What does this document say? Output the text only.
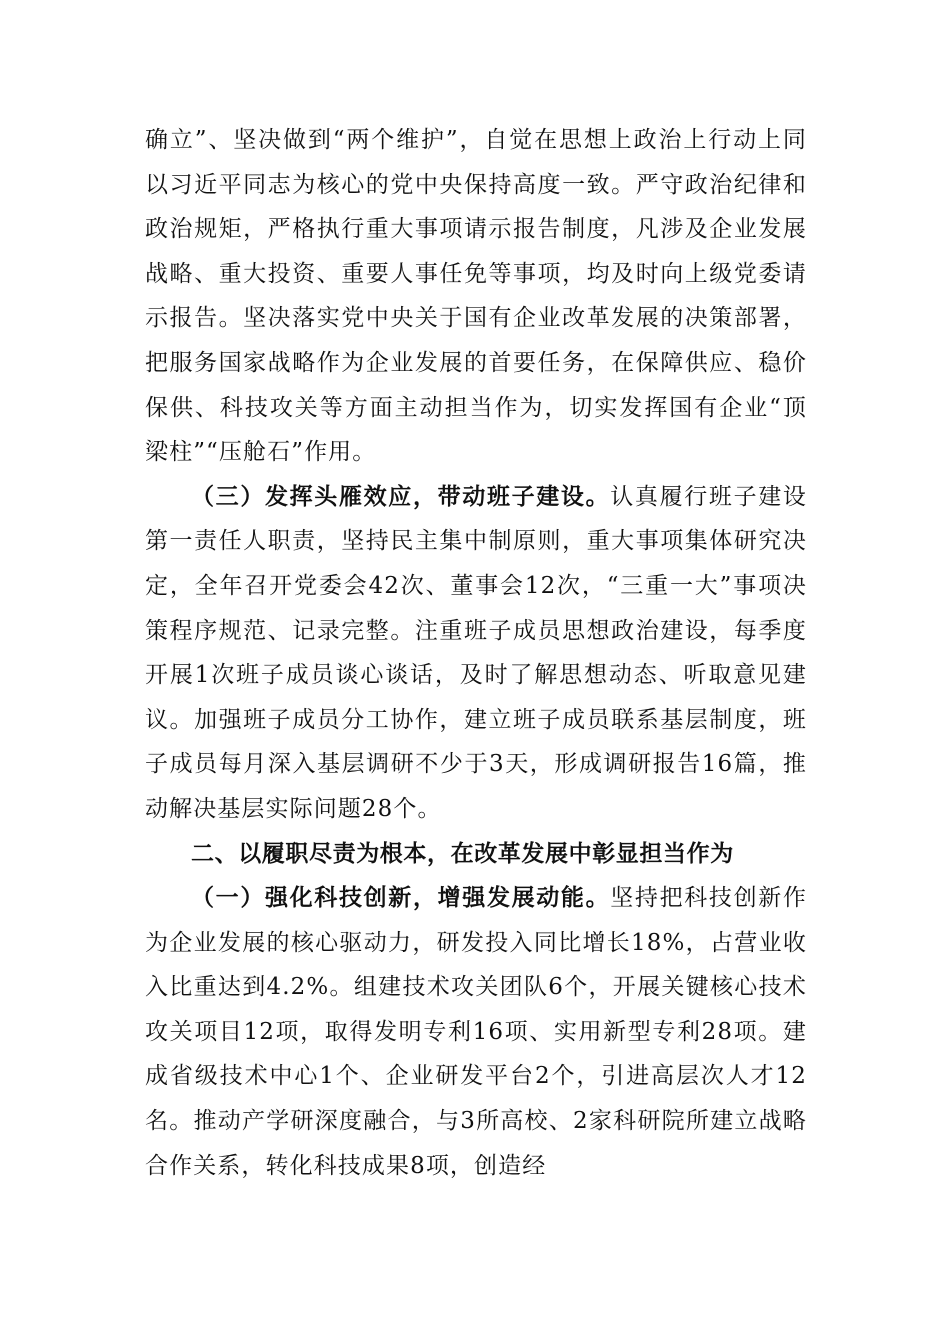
确立”、坚决做到“两个维护”，自觉在思想上政治上行动上同以习近平同志为核心的党中央保持高度一致。严守政治纪律和政治规矩，严格执行重大事项请示报告制度，凡涉及企业发展战略、重大投资、重要人事任免等事项，均及时向上级党委请示报告。坚决落实党中央关于国有企业改革发展的决策部署，把服务国家战略作为企业发展的首要任务，在保障供应、稳价保供、科技攻关等方面主动担当作为，切实发挥国有企业“顶梁柱”“压舱石”作用。

（三）发挥头雁效应，带动班子建设。认真履行班子建设第一责任人职责，坚持民主集中制原则，重大事项集体研究决定，全年召开党委会42次、董事会12次，“三重一大”事项决策程序规范、记录完整。注重班子成员思想政治建设，每季度开展1次班子成员谈心谈话，及时了解思想动态、听取意见建议。加强班子成员分工协作，建立班子成员联系基层制度，班子成员每月深入基层调研不少于3天，形成调研报告16篇，推动解决基层实际问题28个。

二、以履职尽责为根本，在改革发展中彰显担当作为

（一）强化科技创新，增强发展动能。坚持把科技创新作为企业发展的核心驱动力，研发投入同比增长18%，占营业收入比重达到4.2%。组建技术攻关团队6个，开展关键核心技术攻关项目12项，取得发明专利16项、实用新型专利28项。建成省级技术中心1个、企业研发平台2个，引进高层次人才12名。推动产学研深度融合，与3所高校、2家科研院所建立战略合作关系，转化科技成果8项，创造经
